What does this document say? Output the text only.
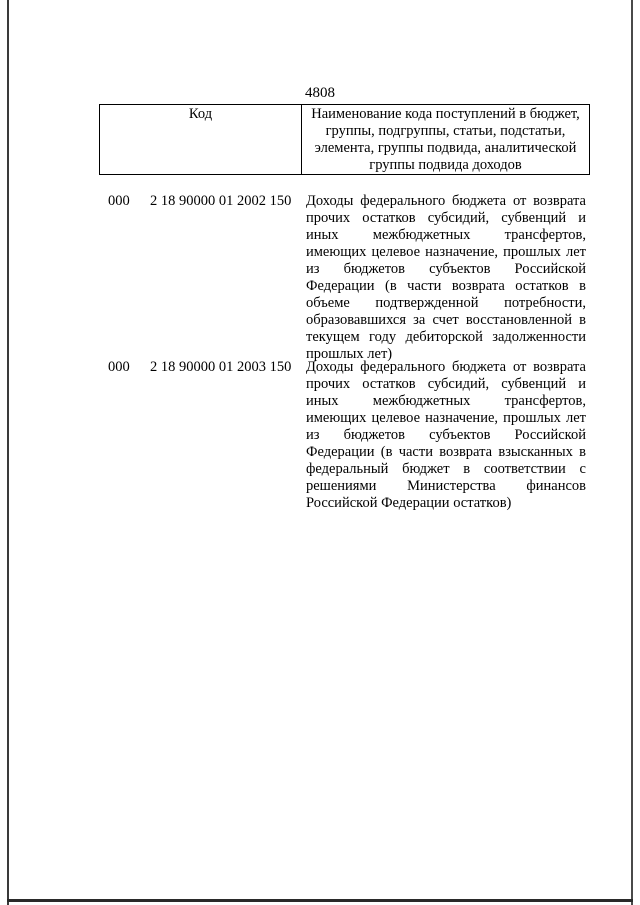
4808
Код	Наименование кода поступлений в бюджет, группы, подгруппы, статьи, подстатьи, элемента, группы подвида, аналитической группы подвида доходов
000 2 18 90000 01 2002 150 Доходы федерального бюджета от возврата прочих остатков субсидий, субвенций и иных межбюджетных трансфертов, имеющих целевое назначение, прошлых лет из бюджетов субъектов Российской Федерации (в части возврата остатков в объеме подтвержденной потребности, образовавшихся за счет восстановленной в текущем году дебиторской задолженности прошлых лет)
000 2 18 90000 01 2003 150 Доходы федерального бюджета от возврата прочих остатков субсидий, субвенций и иных межбюджетных трансфертов, имеющих целевое назначение, прошлых лет из бюджетов субъектов Российской Федерации (в части возврата взысканных в федеральный бюджет в соответствии с решениями Министерства финансов Российской Федерации остатков)
